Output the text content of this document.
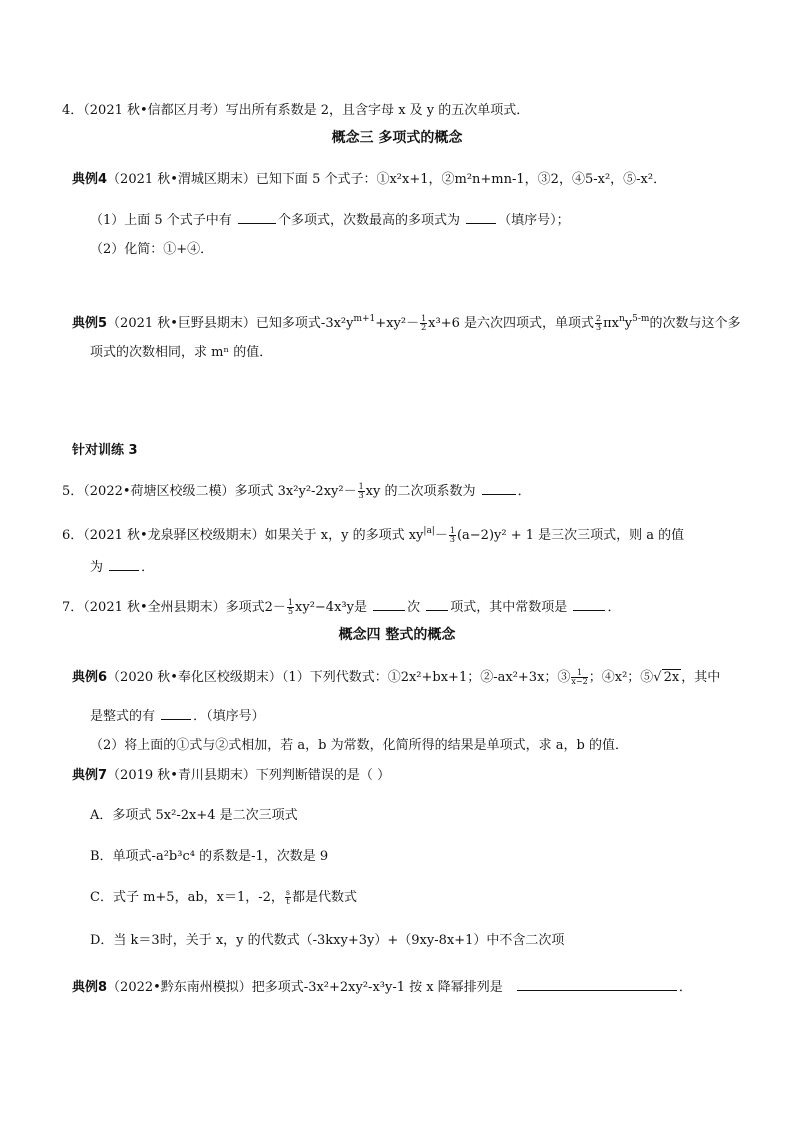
4．（2021 秋•信都区月考）写出所有系数是 2，且含字母 x 及 y 的五次单项式．
概念三 多项式的概念
典例4（2021 秋•渭城区期末）已知下面 5 个式子：①x²x+1，②m²n+mn-1，③2，④5-x²，⑤-x²．
（1）上面 5 个式子中有	个多项式，次数最高的多项式为	（填序号）；
（2）化简：①+④．
典例5（2021 秋•巨野县期末）已知多项式$-3x^2y^{m+1}+xy^2- \frac{1}{2} x^3+6$ 是六次四项式，单项式 $\frac{2}{3} \pi x^ny^{5-m}$的次数与这个多
项式的次数相同，求 mⁿ 的值．
针对训练 3
5．（2022•荷塘区校级二模）多项式 $3x^2y^2-2xy^2- \frac{1}{3}$ xy 的二次项系数为	．
6．（2021 秋•龙泉驿区校级期末）如果关于 x，y 的多项式 $xy^{|a|}- \frac{1}{3} (a-2)y^2 + 1$ 是三次三项式，则 a 的值
为	．
7．（2021 秋•全州县期末）多项式$2- \frac{1}{5} xy^2-4x^3y$是	次 项式，其中常数项是	．
概念四 整式的概念
典例6（2020 秋•奉化区校级期末）（1）下列代数式：①2x²+bx+1；②-ax²+3x；③ $\frac{1}{x-2}$ ；④x²；⑤√ 2x ，其中
是整式的有	．（填序号）
（2）将上面的①式与②式相加，若 a，b 为常数，化简所得的结果是单项式，求 a，b 的值．
典例7（2019 秋•青川县期末）下列判断错误的是（ ）
A．多项式 5x²-2x+4 是二次三项式
B．单项式-a²b³c⁴ 的系数是-1，次数是 9
C．式子 m+5，ab，x＝1，-2， $\frac{s}{t}$ 都是代数式
D．当 k＝3时，关于 x，y 的代数式（-3kxy+3y）+（9xy-8x+1）中不含二次项
典例8（2022•黔东南州模拟）把多项式-3x²+2xy²-x³y-1 按 x 降幂排列是	．
